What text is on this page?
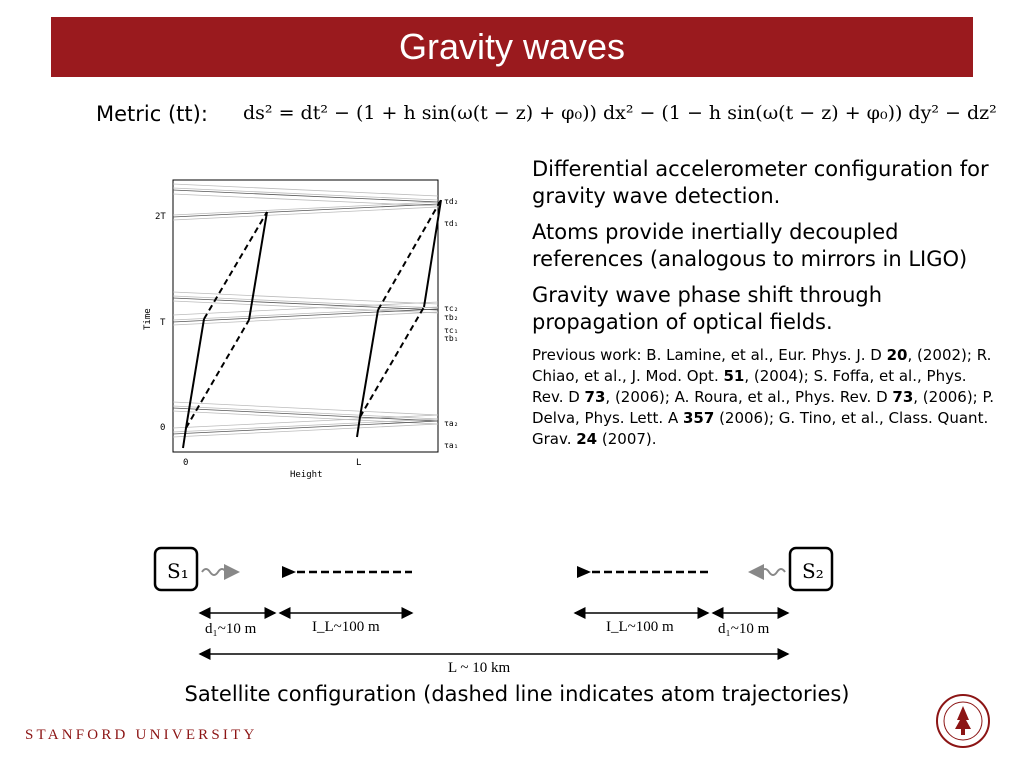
Gravity waves
Metric (tt): ds² = dt² − (1 + h sin(ω(t − z) + φ₀)) dx² − (1 − h sin(ω(t − z) + φ₀)) dy² − dz²
2T
T
0
0	L
Height
Time
τd₂
τd₁
τc₂
τb₂
τc₁
τb₁
τa₂
τa₁

Differential accelerometer configuration for gravity wave detection.

Atoms provide inertially decoupled references (analogous to mirrors in LIGO)

Gravity wave phase shift through propagation of optical fields.

Previous work: B. Lamine, et al., Eur. Phys. J. D 20, (2002); R. Chiao, et al., J. Mod. Opt. 51, (2004); S. Foffa, et al., Phys. Rev. D 73, (2006); A. Roura, et al., Phys. Rev. D 73, (2006); P. Delva, Phys. Lett. A 357 (2006); G. Tino, et al., Class. Quant. Grav. 24 (2007).

S₁	S₂
d₁~10 m	I_L~100 m	I_L~100 m	d₁~10 m
L ~ 10 km
Satellite configuration (dashed line indicates atom trajectories)
STANFORD UNIVERSITY
